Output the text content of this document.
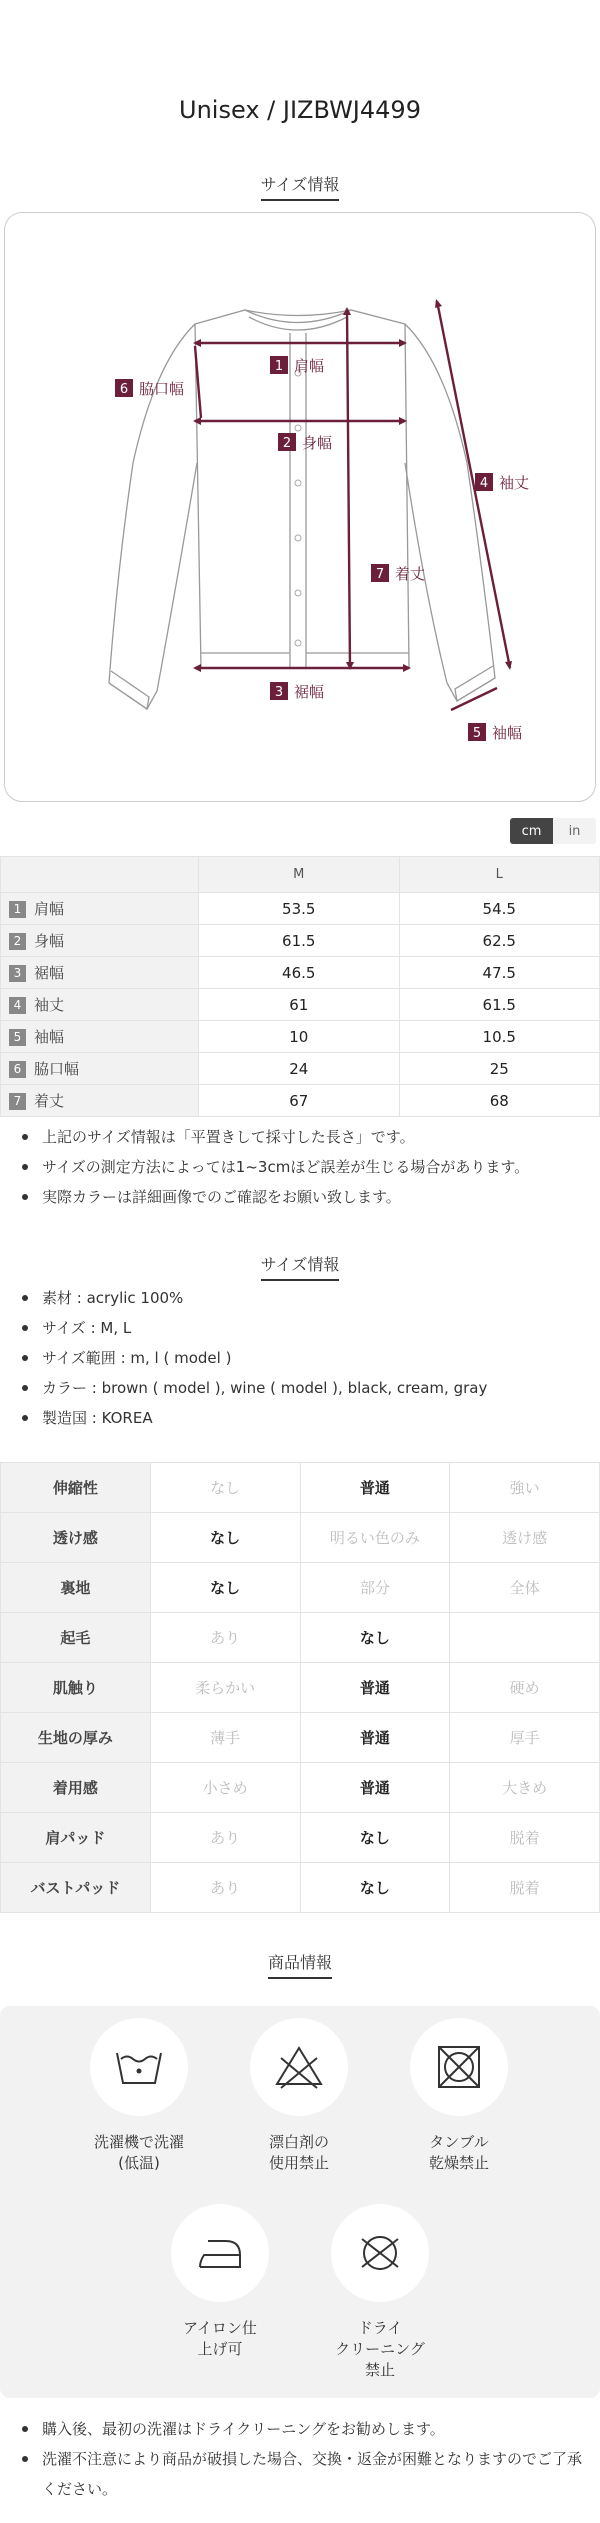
Unisex / JIZBWJ4499
サイズ情報
1 肩幅
2 身幅
3 裾幅
4 袖丈
5 袖幅
6 脇口幅
7 着丈
cm	in
	M	L
1 肩幅	53.5	54.5
2 身幅	61.5	62.5
3 裾幅	46.5	47.5
4 袖丈	61	61.5
5 袖幅	10	10.5
6 脇口幅	24	25
7 着丈	67	68
上記のサイズ情報は「平置きして採寸した長さ」です。
サイズの測定方法によっては1~3cmほど誤差が生じる場合があります。
実際カラーは詳細画像でのご確認をお願い致します。
サイズ情報
素材 : acrylic 100%
サイズ : M, L
サイズ範囲 : m, l ( model )
カラー : brown ( model ), wine ( model ), black, cream, gray
製造国 : KOREA
伸縮性	なし	普通	強い
透け感	なし	明るい色のみ	透け感
裏地	なし	部分	全体
起毛	あり	なし	
肌触り	柔らかい	普通	硬め
生地の厚み	薄手	普通	厚手
着用感	小さめ	普通	大きめ
肩パッド	あり	なし	脱着
バストパッド	あり	なし	脱着
商品情報
洗濯機で洗濯
(低温)
漂白剤の
使用禁止
タンブル
乾燥禁止
アイロン仕
上げ可
ドライ
クリーニング
禁止
購入後、最初の洗濯はドライクリーニングをお勧めします。
洗濯不注意により商品が破損した場合、交換・返金が困難となりますのでご了承ください。
